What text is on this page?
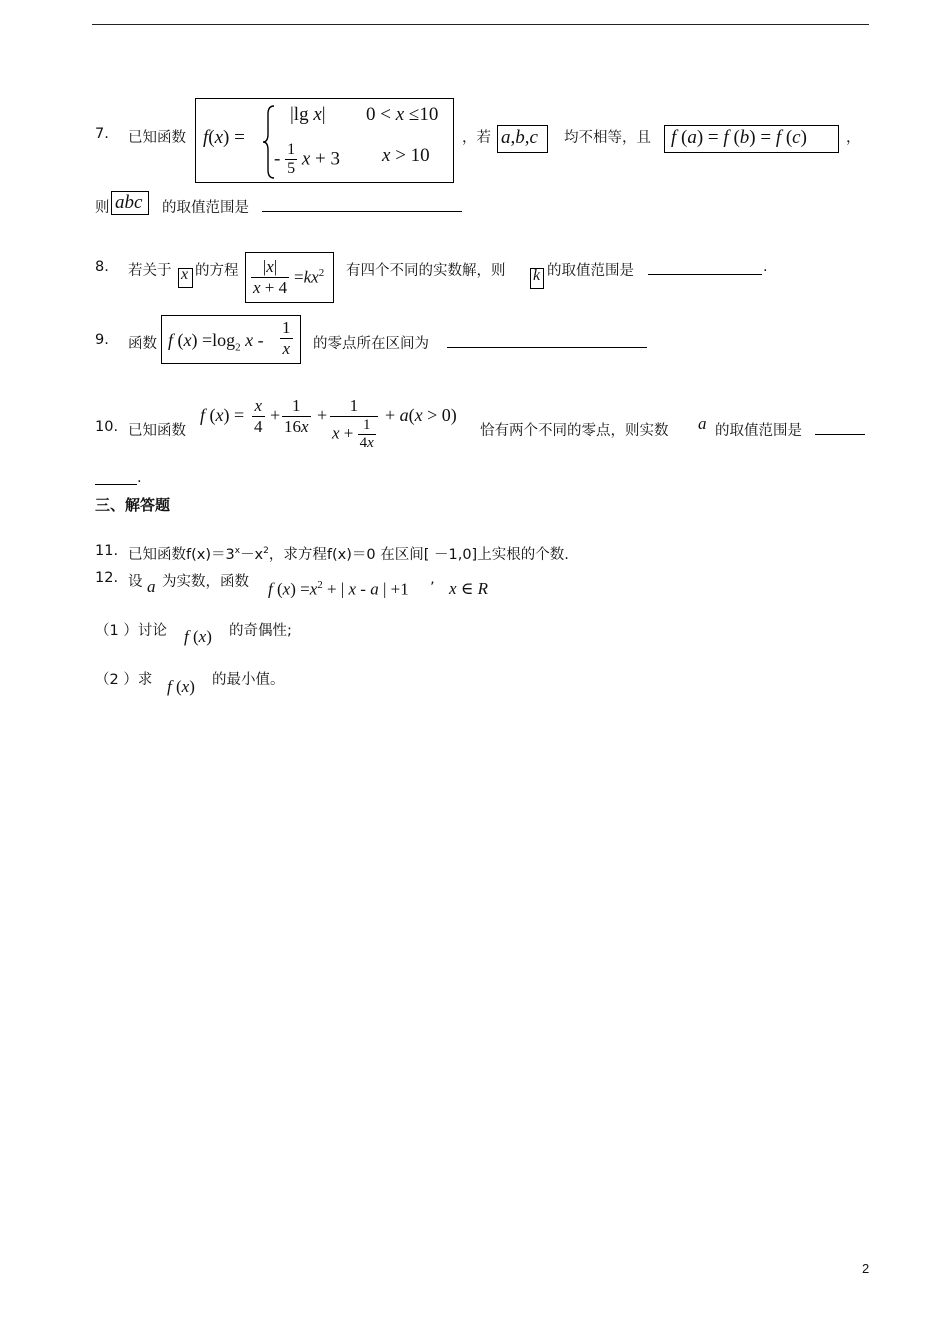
7. 已知函数 f(x) =
|lg x| 0 < x ≤10
- $\frac{1}{5}$ x + 3 x > 10
，若 a,b,c 均不相等，且 f (a) = f (b) = f (c)	，
则 abc 的取值范围是
8. 若关于 x 的方程 $\frac{|x|}{x + 4} =kx^2$ 有四个不同的实数解，则 k 的取值范围是	.
9. 函数 f $(x) =\log_2$ x - $\frac{1}{x}$ 的零点所在区间为
10. 已知函数
f $(x) = \frac{x}{4} + \frac{1}{16x} + \frac{1}{x + \frac{1}{4x}} + a(x > 0)$
恰有两个不同的零点，则实数 a 的取值范围是
.
三、解答题
11. 已知函数$f(x)=3^x-x^2$，求方程f(x)＝0 在区间[ －1,0]上实根的个数.
12. 设 a 为实数，函数 f $(x) =x^2$ + | x - a | +1 ’ x ∈ R
（1 ）讨论 f (x) 的奇偶性;
（2 ）求 f (x) 的最小值。
2
